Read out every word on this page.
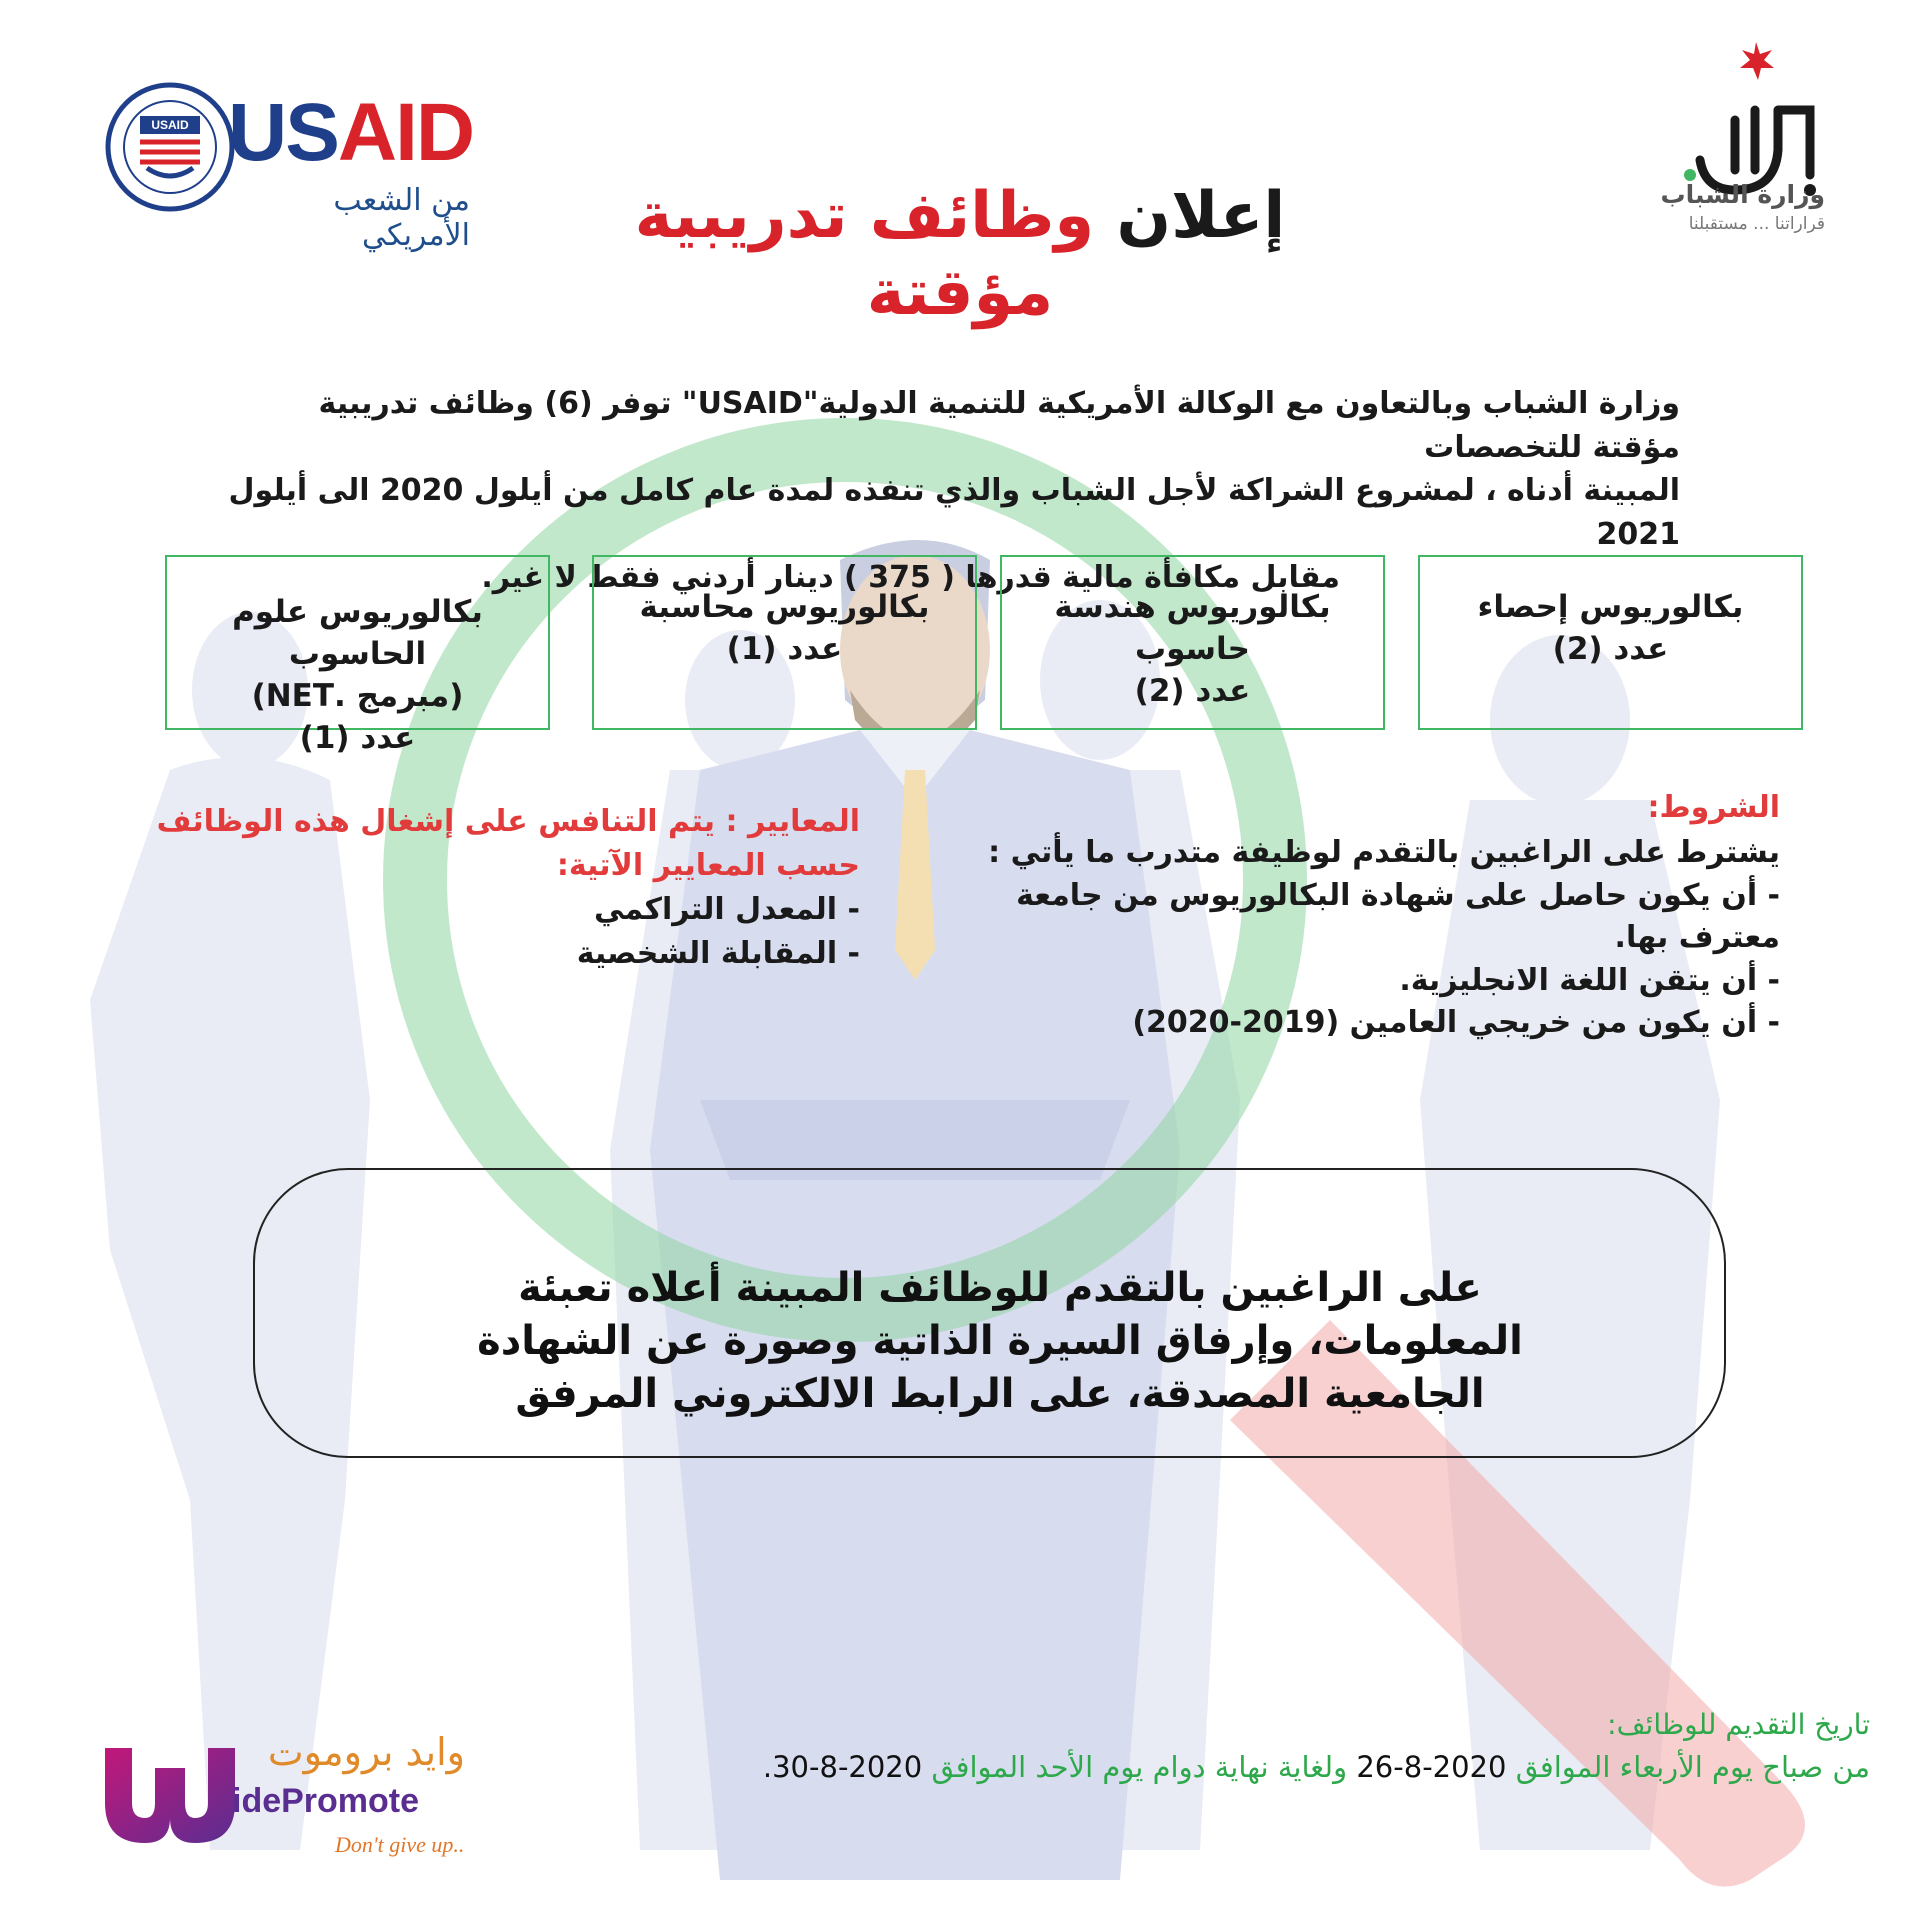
USAID USAID
من الشعب الأمريكي
وزارة الشباب
قراراتنا ... مستقبلنا
إعلان وظائف تدريبية مؤقتة
وزارة الشباب وبالتعاون مع الوكالة الأمريكية للتنمية الدولية"USAID" توفر (6) وظائف تدريبية مؤقتة للتخصصات
المبينة أدناه ، لمشروع الشراكة لأجل الشباب والذي تنفذه لمدة عام كامل من أيلول 2020 الى أيلول 2021
مقابل مكافأة مالية قدرها ( 375 ) دينار أردني فقط لا غير.
بكالوريوس إحصاء
عدد (2)
بكالوريوس هندسة حاسوب
عدد (2)
بكالوريوس محاسبة
عدد (1)
بكالوريوس علوم الحاسوب
(مبرمج .NET)
عدد (1)
الشروط:
يشترط على الراغبين بالتقدم لوظيفة متدرب ما يأتي :
- أن يكون حاصل على شهادة البكالوريوس من جامعة معترف بها.
- أن يتقن اللغة الانجليزية.
- أن يكون من خريجي العامين (2019-2020)
المعايير : يتم التنافس على إشغال هذه الوظائف حسب المعايير الآتية:
- المعدل التراكمي
- المقابلة الشخصية
على الراغبين بالتقدم للوظائف المبينة أعلاه تعبئة المعلومات، وإرفاق السيرة الذاتية وصورة عن الشهادة الجامعية المصدقة، على الرابط الالكتروني المرفق
تاريخ التقديم للوظائف:
من صباح يوم الأربعاء الموافق 2020-8-26 ولغاية نهاية دوام يوم الأحد الموافق 2020-8-30.
وايد بروموت
idePromote
Don't give up..
